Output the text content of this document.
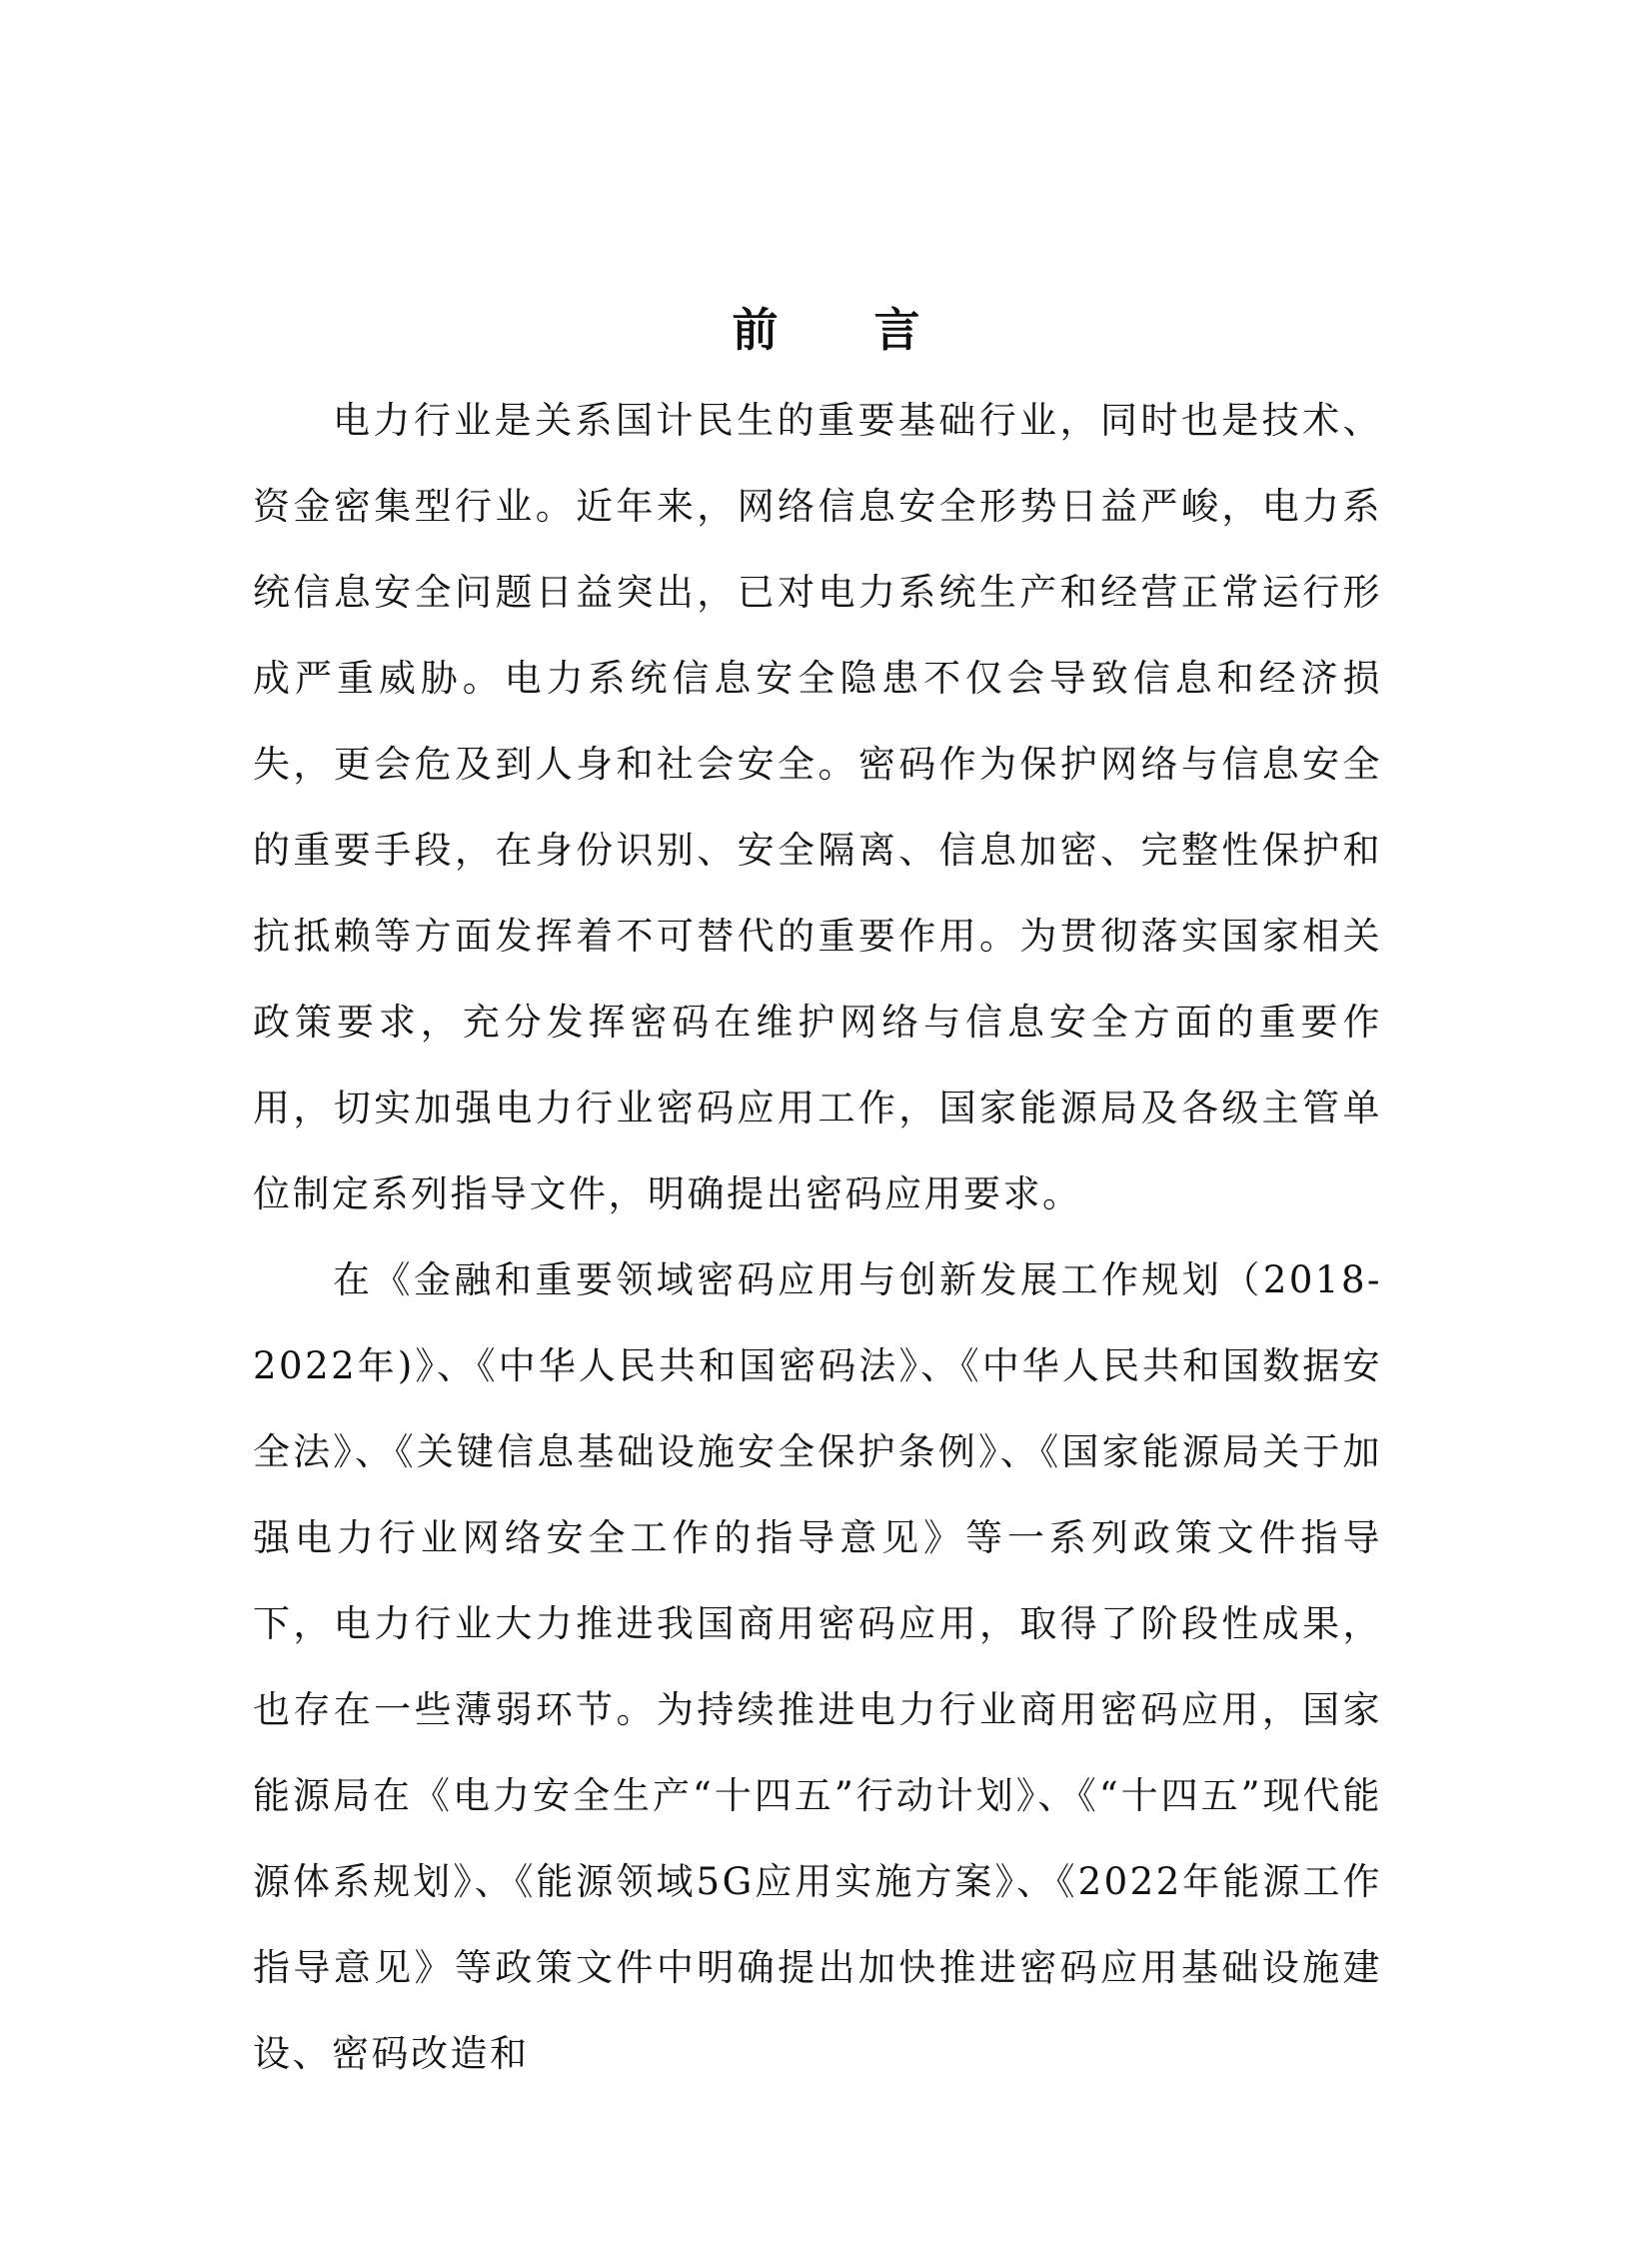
前 言

电力行业是关系国计民生的重要基础行业，同时也是技术、资金密集型行业。近年来，网络信息安全形势日益严峻，电力系统信息安全问题日益突出，已对电力系统生产和经营正常运行形成严重威胁。电力系统信息安全隐患不仅会导致信息和经济损失，更会危及到人身和社会安全。密码作为保护网络与信息安全的重要手段，在身份识别、安全隔离、信息加密、完整性保护和抗抵赖等方面发挥着不可替代的重要作用。为贯彻落实国家相关政策要求，充分发挥密码在维护网络与信息安全方面的重要作用，切实加强电力行业密码应用工作，国家能源局及各级主管单位制定系列指导文件，明确提出密码应用要求。

在《金融和重要领域密码应用与创新发展工作规划（2018-2022年)》、《中华人民共和国密码法》、《中华人民共和国数据安全法》、《关键信息基础设施安全保护条例》、《国家能源局关于加强电力行业网络安全工作的指导意见》等一系列政策文件指导下，电力行业大力推进我国商用密码应用，取得了阶段性成果，也存在一些薄弱环节。为持续推进电力行业商用密码应用，国家能源局在《电力安全生产“十四五”行动计划》、《“十四五”现代能源体系规划》、《能源领域5G应用实施方案》、《2022年能源工作指导意见》等政策文件中明确提出加快推进密码应用基础设施建设、密码改造和
